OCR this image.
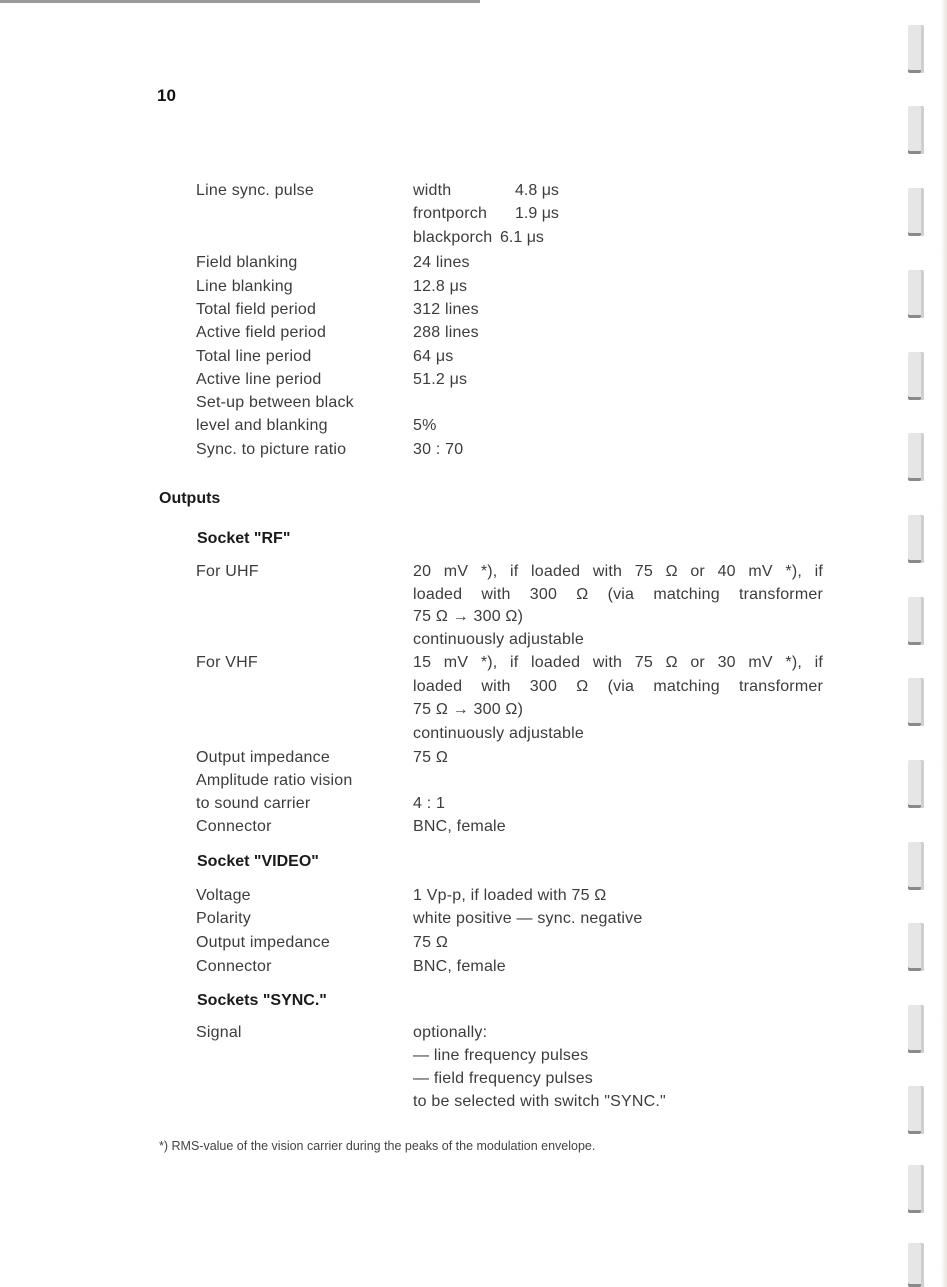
10
Line sync. pulse	width	4.8 μs
frontporch 1.9 μs
blackporch 6.1 μs
Field blanking	24 lines
Line blanking	12.8 μs
Total field period	312 lines
Active field period	288 lines
Total line period	64 μs
Active line period	51.2 μs
Set-up between black
level and blanking	5%
Sync. to picture ratio	30 : 70
Outputs
Socket "RF"
For UHF	20 mV *), if loaded with 75 Ω or 40 mV *), if
loaded with 300 Ω (via matching transformer
75 Ω → 300 Ω)
continuously adjustable
For VHF	15 mV *), if loaded with 75 Ω or 30 mV *), if
loaded with 300 Ω (via matching transformer
75 Ω → 300 Ω)
continuously adjustable
Output impedance	75 Ω
Amplitude ratio vision
to sound carrier	4 : 1
Connector	BNC, female
Socket "VIDEO"
Voltage	1 Vp-p, if loaded with 75 Ω
Polarity	white positive — sync. negative
Output impedance	75 Ω
Connector	BNC, female
Sockets "SYNC."
Signal	optionally:
— line frequency pulses
— field frequency pulses
to be selected with switch "SYNC."
*) RMS-value of the vision carrier during the peaks of the modulation envelope.
